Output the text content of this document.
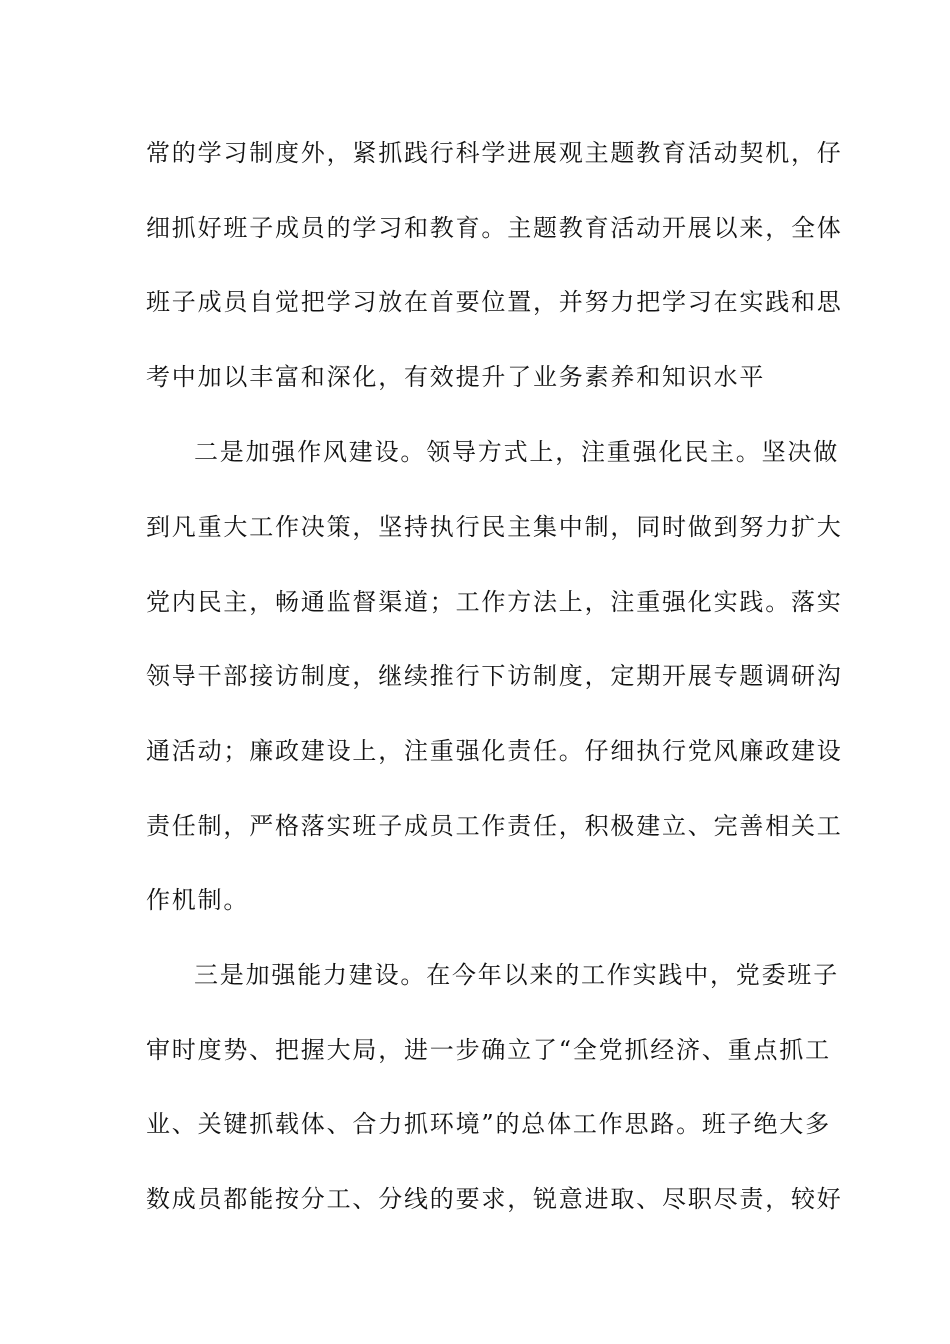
常的学习制度外，紧抓践行科学进展观主题教育活动契机，仔
细抓好班子成员的学习和教育。主题教育活动开展以来，全体
班子成员自觉把学习放在首要位置，并努力把学习在实践和思
考中加以丰富和深化，有效提升了业务素养和知识水平
二是加强作风建设。领导方式上，注重强化民主。坚决做
到凡重大工作决策，坚持执行民主集中制，同时做到努力扩大
党内民主，畅通监督渠道；工作方法上，注重强化实践。落实
领导干部接访制度，继续推行下访制度，定期开展专题调研沟
通活动；廉政建设上，注重强化责任。仔细执行党风廉政建设
责任制，严格落实班子成员工作责任，积极建立、完善相关工
作机制。
三是加强能力建设。在今年以来的工作实践中，党委班子
审时度势、把握大局，进一步确立了“全党抓经济、重点抓工
业、关键抓载体、合力抓环境”的总体工作思路。班子绝大多
数成员都能按分工、分线的要求，锐意进取、尽职尽责，较好
